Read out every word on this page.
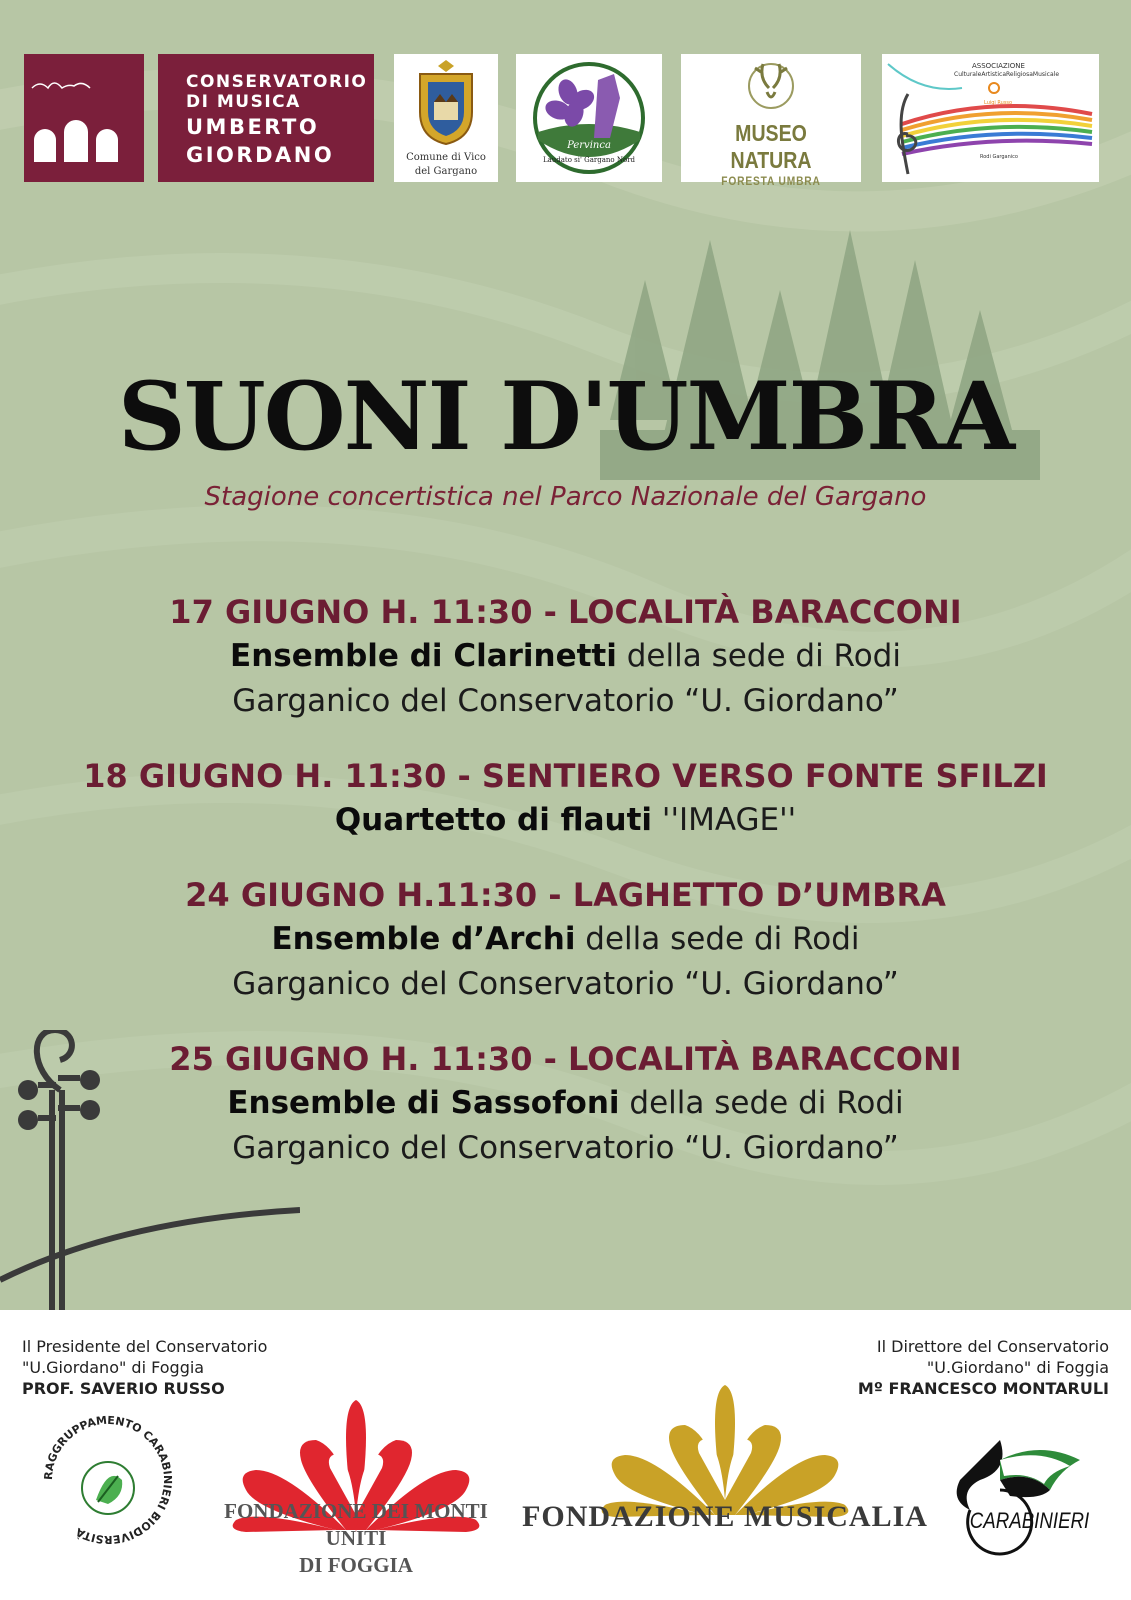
CONSERVATORIO
DI MUSICA
UMBERTO
GIORDANO	Comune di Vico
del Gargano
Pervinca
Laudato si' Gargano Nord
MUSEO NATURA
FORESTA UMBRA
ASSOCIAZIONE
CulturaleArtisticaReligiosaMusicale
Luigi Russo
Rodi Garganico
SUONI D'UMBRA
Stagione concertistica nel Parco Nazionale del Gargano
17 GIUGNO H. 11:30 - LOCALITÀ BARACCONI
Ensemble di Clarinetti della sede di Rodi
Garganico del Conservatorio “U. Giordano”
18 GIUGNO H. 11:30 - SENTIERO VERSO FONTE SFILZI
Quartetto di flauti ''IMAGE''
24 GIUGNO H.11:30 - LAGHETTO D’UMBRA
Ensemble d’Archi della sede di Rodi
Garganico del Conservatorio “U. Giordano”
25 GIUGNO H. 11:30 - LOCALITÀ BARACCONI
Ensemble di Sassofoni della sede di Rodi
Garganico del Conservatorio “U. Giordano”
Il Presidente del Conservatorio
"U.Giordano" di Foggia
PROF. SAVERIO RUSSO
Il Direttore del Conservatorio
"U.Giordano" di Foggia
Mº FRANCESCO MONTARULI
RAGGRUPPAMENTO CARABINIERI BIODIVERSITÀ
FONDAZIONE DEI MONTI UNITI
DI FOGGIA
FONDAZIONE MUSICALIA CARABINIERI
